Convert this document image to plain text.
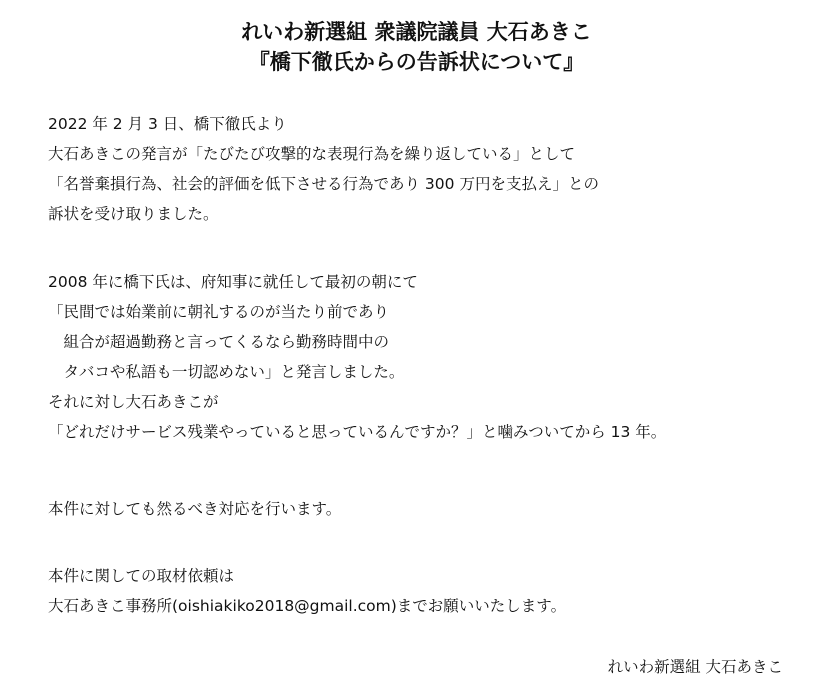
れいわ新選組 衆議院議員 大石あきこ
『橋下徹氏からの告訴状について』

2022 年 2 月 3 日、橋下徹氏より
大石あきこの発言が「たびたび攻撃的な表現行為を繰り返している」として
「名誉棄損行為、社会的評価を低下させる行為であり 300 万円を支払え」との
訴状を受け取りました。

2008 年に橋下氏は、府知事に就任して最初の朝にて
「民間では始業前に朝礼するのが当たり前であり
　組合が超過勤務と言ってくるなら勤務時間中の
　タバコや私語も一切認めない」と発言しました。
それに対し大石あきこが
「どれだけサービス残業やっていると思っているんですか？」と噛みついてから 13 年。

本件に対しても然るべき対応を行います。

本件に関しての取材依頼は
大石あきこ事務所(oishiakiko2018@gmail.com)までお願いいたします。

れいわ新選組 大石あきこ
